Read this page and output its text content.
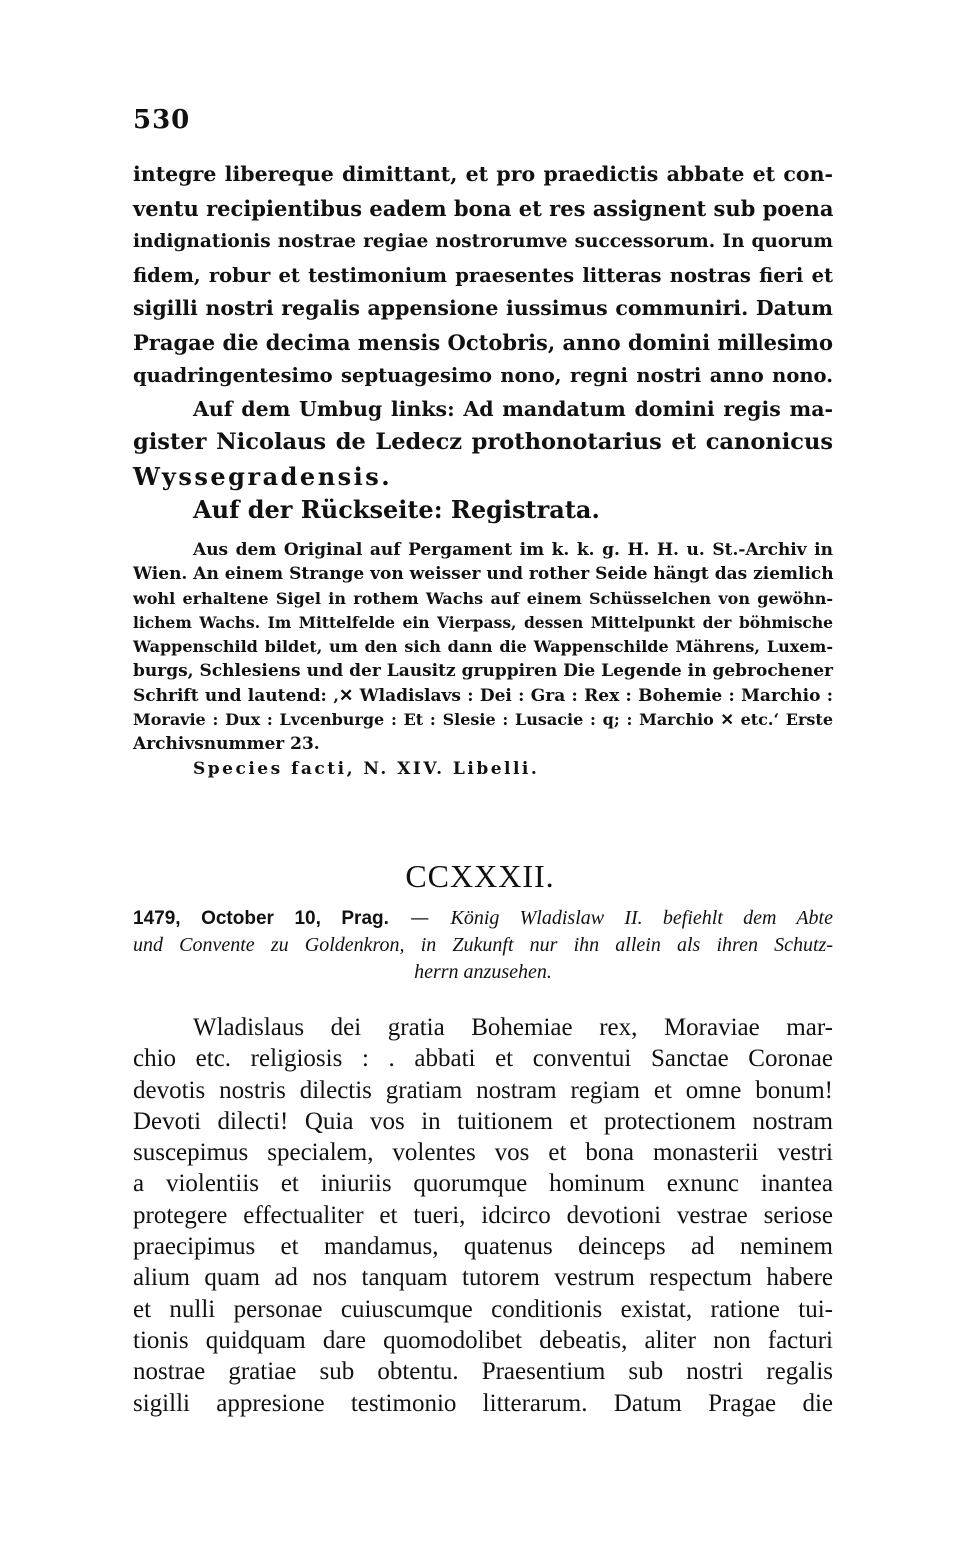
530
integre libereque dimittant, et pro praedictis abbate et con-
ventu recipientibus eadem bona et res assignent sub poena
indignationis nostrae regiae nostrorumve successorum. In quorum
fidem, robur et testimonium praesentes litteras nostras fieri et
sigilli nostri regalis appensione iussimus communiri. Datum
Pragae die decima mensis Octobris, anno domini millesimo
quadringentesimo septuagesimo nono, regni nostri anno nono.
Auf dem Umbug links: Ad mandatum domini regis ma-
gister Nicolaus de Ledecz prothonotarius et canonicus
Wyssegradensis.
Auf der Rückseite: Registrata.
Aus dem Original auf Pergament im k. k. g. H. H. u. St.-Archiv in
Wien. An einem Strange von weisser und rother Seide hängt das ziemlich
wohl erhaltene Sigel in rothem Wachs auf einem Schüsselchen von gewöhn-
lichem Wachs. Im Mittelfelde ein Vierpass, dessen Mittelpunkt der böhmische
Wappenschild bildet, um den sich dann die Wappenschilde Mährens, Luxem-
burgs, Schlesiens und der Lausitz gruppiren Die Legende in gebrochener
Schrift und lautend: ‚✕ Wladislavs : Dei : Gra : Rex : Bohemie : Marchio :
Moravie : Dux : Lvcenburge : Et : Slesie : Lusacie : q; : Marchio ✕ etc.‘ Erste
Archivsnummer 23.
Species facti, N. XIV. Libelli.
CCXXXII.
1479, October 10, Prag. — König Wladislaw II. befiehlt dem Abte
und Convente zu Goldenkron, in Zukunft nur ihn allein als ihren Schutz-
herrn anzusehen.
Wladislaus dei gratia Bohemiae rex, Moraviae mar-
chio etc. religiosis : . abbati et conventui Sanctae Coronae
devotis nostris dilectis gratiam nostram regiam et omne bonum!
Devoti dilecti! Quia vos in tuitionem et protectionem nostram
suscepimus specialem, volentes vos et bona monasterii vestri
a violentiis et iniuriis quorumque hominum exnunc inantea
protegere effectualiter et tueri, idcirco devotioni vestrae seriose
praecipimus et mandamus, quatenus deinceps ad neminem
alium quam ad nos tanquam tutorem vestrum respectum habere
et nulli personae cuiuscumque conditionis existat, ratione tui-
tionis quidquam dare quomodolibet debeatis, aliter non facturi
nostrae gratiae sub obtentu. Praesentium sub nostri regalis
sigilli appresione testimonio litterarum. Datum Pragae die
